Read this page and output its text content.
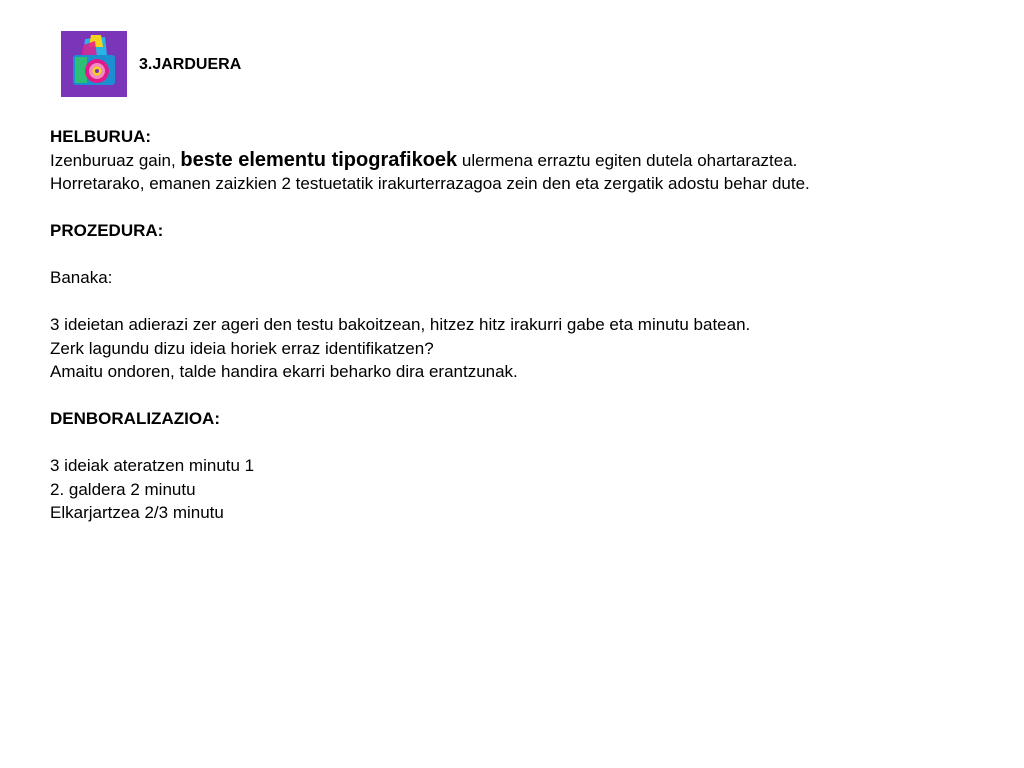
3.JARDUERA

HELBURUA:

Izenburuaz gain, beste elementu tipografikoek ulermena erraztu egiten dutela ohartaraztea.

Horretarako, emanen zaizkien 2 testuetatik irakurterrazagoa zein den eta zergatik adostu behar dute.

PROZEDURA:

Banaka:

3 ideietan adierazi zer ageri den testu bakoitzean, hitzez hitz irakurri gabe eta minutu batean.

Zerk lagundu dizu ideia horiek erraz identifikatzen?

Amaitu ondoren, talde handira ekarri beharko dira erantzunak.

DENBORALIZAZIOA:

3 ideiak ateratzen minutu 1

2. galdera 2 minutu

Elkarjartzea 2/3 minutu
